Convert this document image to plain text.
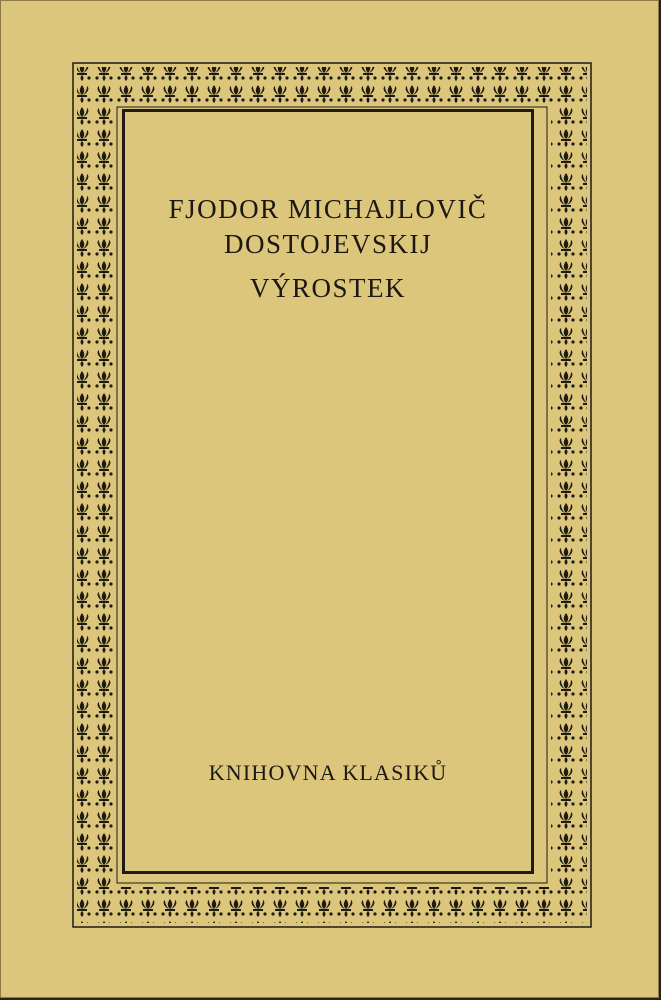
FJODOR MICHAJLOVIČ
DOSTOJEVSKIJ
VÝROSTEK
KNIHOVNA KLASIKŮ
